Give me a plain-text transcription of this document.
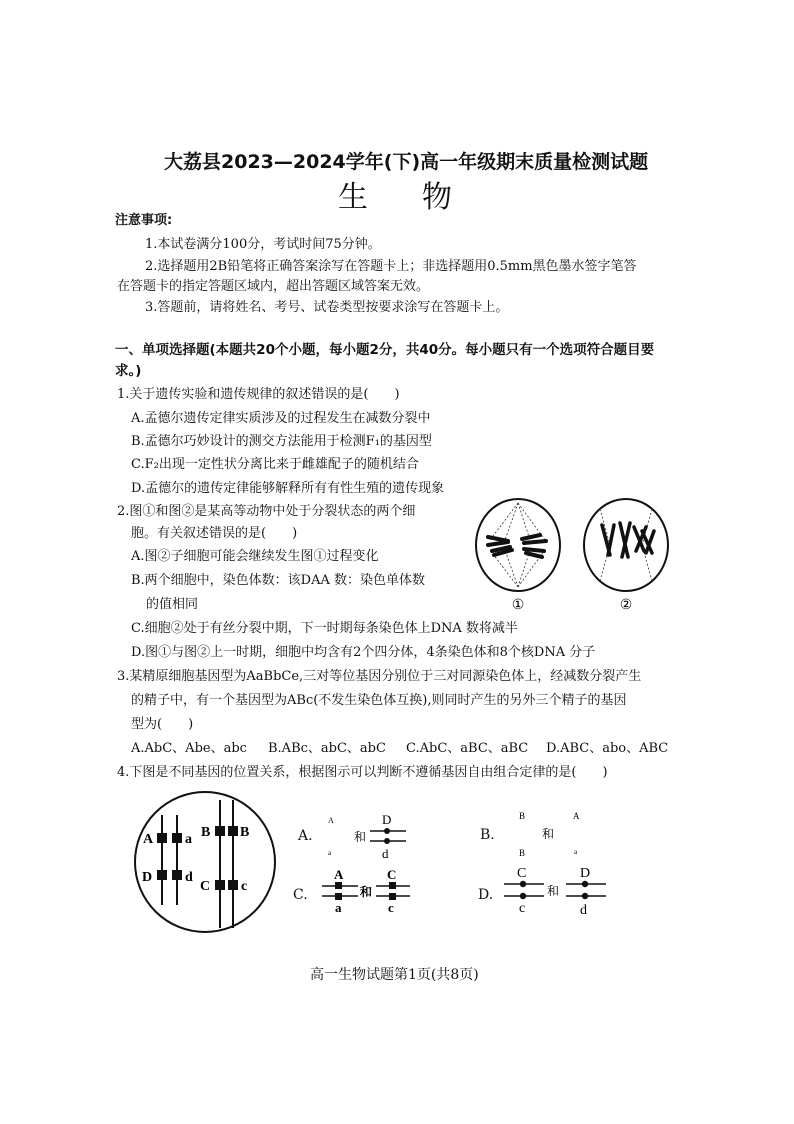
大荔县2023—2024学年(下)高一年级期末质量检测试题
生 物
注意事项:
1.本试卷满分100分，考试时间75分钟。
2.选择题用2B铅笔将正确答案涂写在答题卡上；非选择题用0.5mm黑色墨水签字笔答
在答题卡的指定答题区域内，超出答题区域答案无效。
3.答题前，请将姓名、考号、试卷类型按要求涂写在答题卡上。
一、单项选择题(本题共20个小题，每小题2分，共40分。每小题只有一个选项符合题目要
求。)
1.关于遗传实验和遗传规律的叙述错误的是(　　)
A.孟德尔遗传定律实质涉及的过程发生在减数分裂中
B.孟德尔巧妙设计的测交方法能用于检测F₁的基因型
C.F₂出现一定性状分离比来于雌雄配子的随机结合
D.孟德尔的遗传定律能够解释所有有性生殖的遗传现象
2.图①和图②是某高等动物中处于分裂状态的两个细
胞。有关叙述错误的是(　　)
A.图②子细胞可能会继续发生图①过程变化
B.两个细胞中，染色体数：该DAA 数：染色单体数
的值相同
C.细胞②处于有丝分裂中期，下一时期每条染色体上DNA 数将减半
D.图①与图②上一时期，细胞中均含有2个四分体，4条染色体和8个核DNA 分子
①	②
3.某精原细胞基因型为AaBbCe,三对等位基因分别位于三对同源染色体上，经减数分裂产生
的精子中，有一个基因型为ABc(不发生染色体互换),则同时产生的另外三个精子的基因
型为(　　)
A.AbC、Abe、abc B.ABc、abC、abC C.AbC、aBC、aBC D.ABC、abo、ABC
4.下图是不同基因的位置关系，根据图示可以判断不遵循基因自由组合定律的是(　　)
A a
D d
B B
C c
A.
A
a
和
D
d
B.
B	A
和
B	a
C.
A
a
和
C
c
D.
C
c
和
D
d
高一生物试题第1页(共8页)
